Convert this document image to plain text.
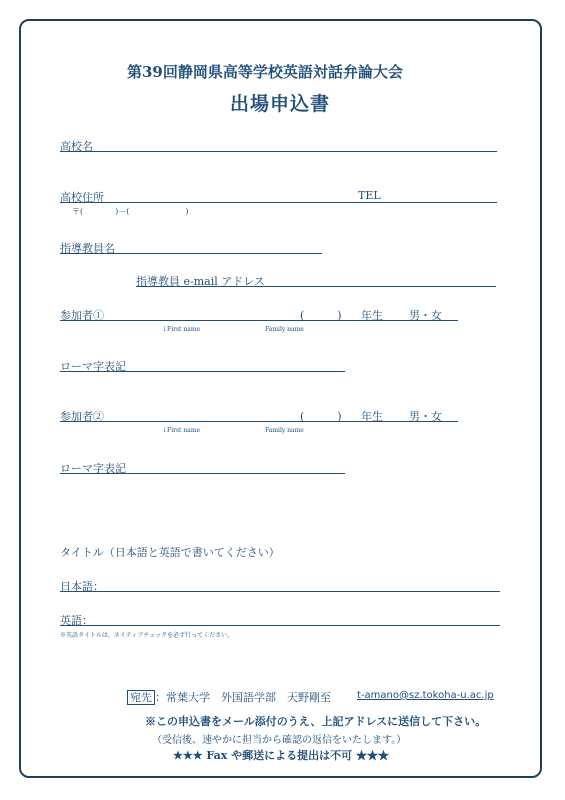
第39回静岡県高等学校英語対話弁論大会
出場申込書
高校名
高校住所	TEL
〒(　　　　)－(　　　　　　　)
指導教員名
指導教員 e-mail アドレス
参加者①	(　　　) 年生 男・女
↓First name	Family name
ローマ字表記
参加者②	(　　　) 年生 男・女
↓First name	Family name
ローマ字表記
タイトル（日本語と英語で書いてください）
日本語：
英語：
※英語タイトルは、ネイティブチェックを必ず行ってください。
宛先 ：常葉大学　外国語学部　天野剛至	t-amano@sz.tokoha-u.ac.jp
※この申込書をメール添付のうえ、上記アドレスに送信して下さい。
（受信後、速やかに担当から確認の返信をいたします。）
★★★ Fax や郵送による提出は不可 ★★★
